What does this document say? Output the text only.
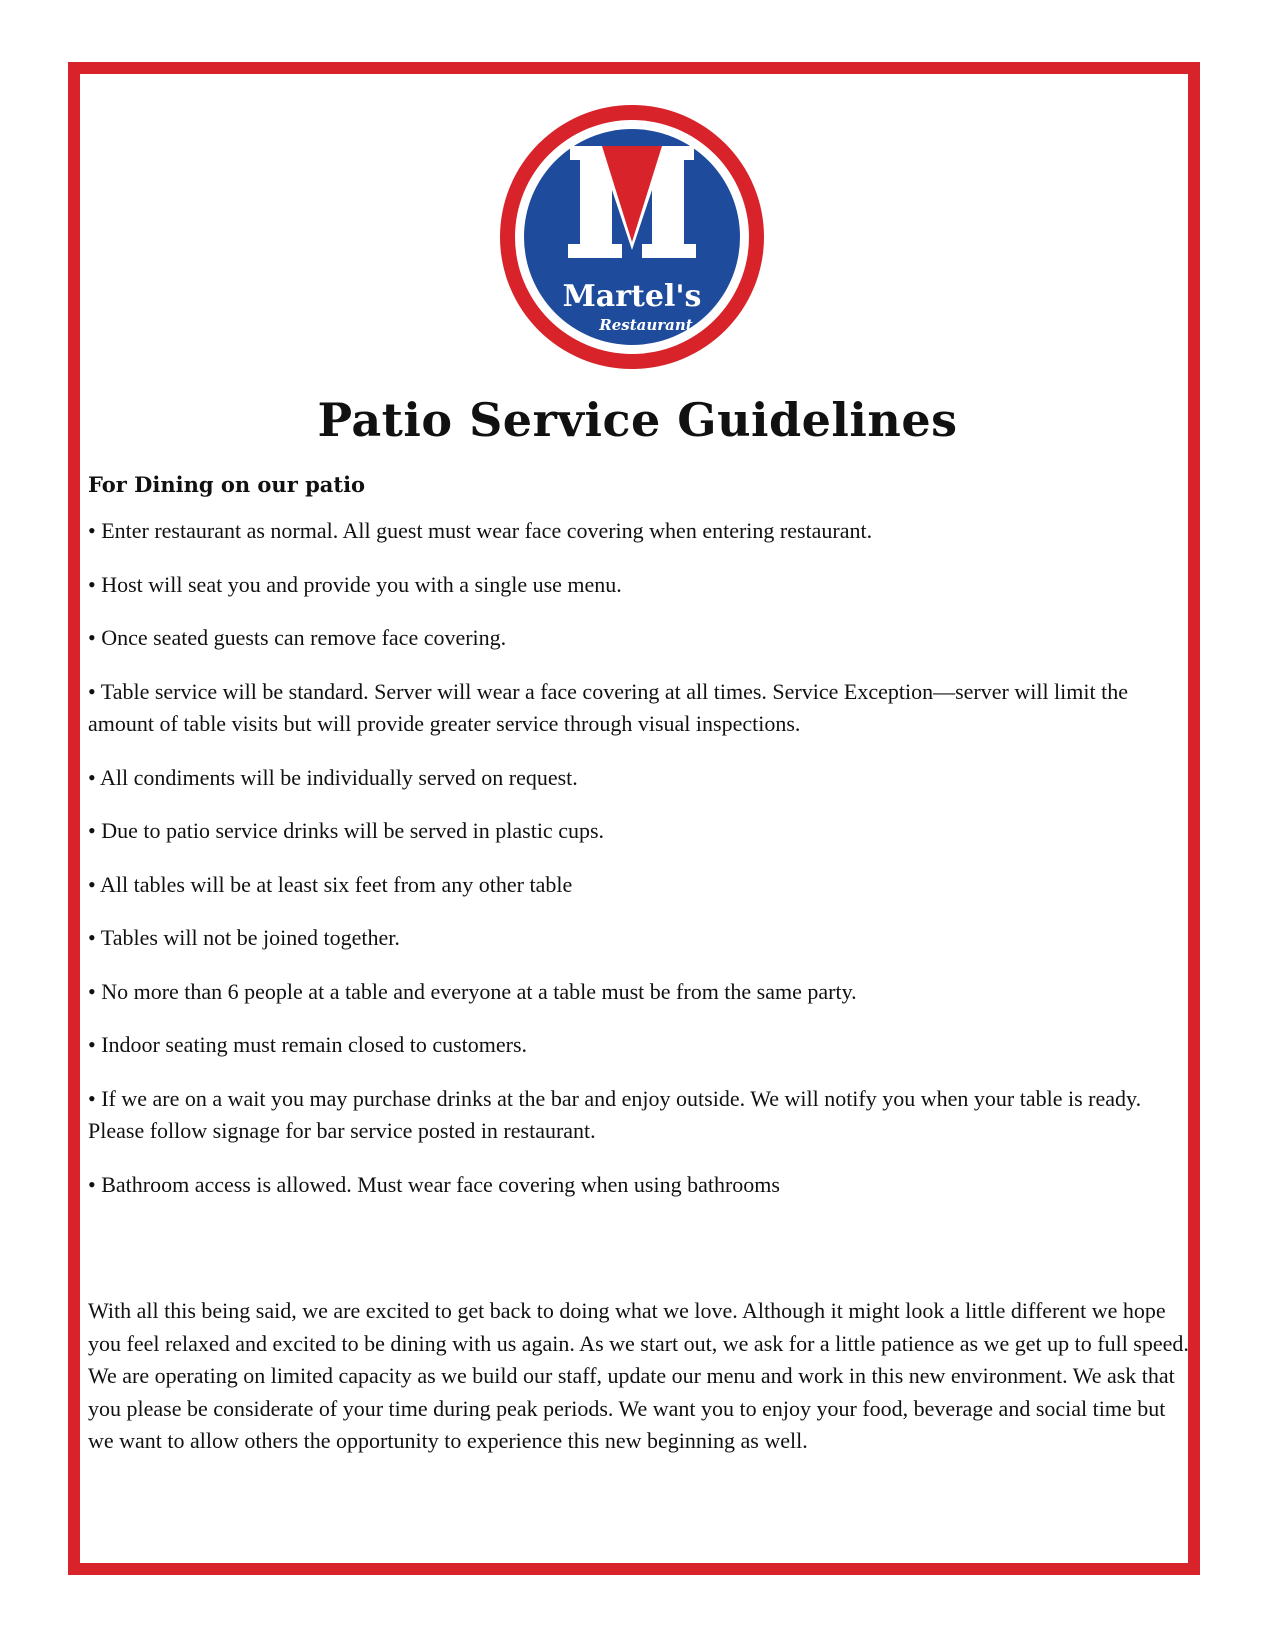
Martel's
Restaurant
Patio Service Guidelines
For Dining on our patio
• Enter restaurant as normal. All guest must wear face covering when entering restaurant.
• Host will seat you and provide you with a single use menu.
• Once seated guests can remove face covering.
• Table service will be standard. Server will wear a face covering at all times. Service Exception—server will limit the amount of table visits but will provide greater service through visual inspections.
• All condiments will be individually served on request.
• Due to patio service drinks will be served in plastic cups.
• All tables will be at least six feet from any other table
• Tables will not be joined together.
• No more than 6 people at a table and everyone at a table must be from the same party.
• Indoor seating must remain closed to customers.
• If we are on a wait you may purchase drinks at the bar and enjoy outside. We will notify you when your table is ready. Please follow signage for bar service posted in restaurant.
• Bathroom access is allowed. Must wear face covering when using bathrooms

With all this being said, we are excited to get back to doing what we love. Although it might look a little different we hope you feel relaxed and excited to be dining with us again. As we start out, we ask for a little patience as we get up to full speed. We are operating on limited capacity as we build our staff, update our menu and work in this new environment. We ask that you please be considerate of your time during peak periods. We want you to enjoy your food, beverage and social time but we want to allow others the opportunity to experience this new beginning as well.
